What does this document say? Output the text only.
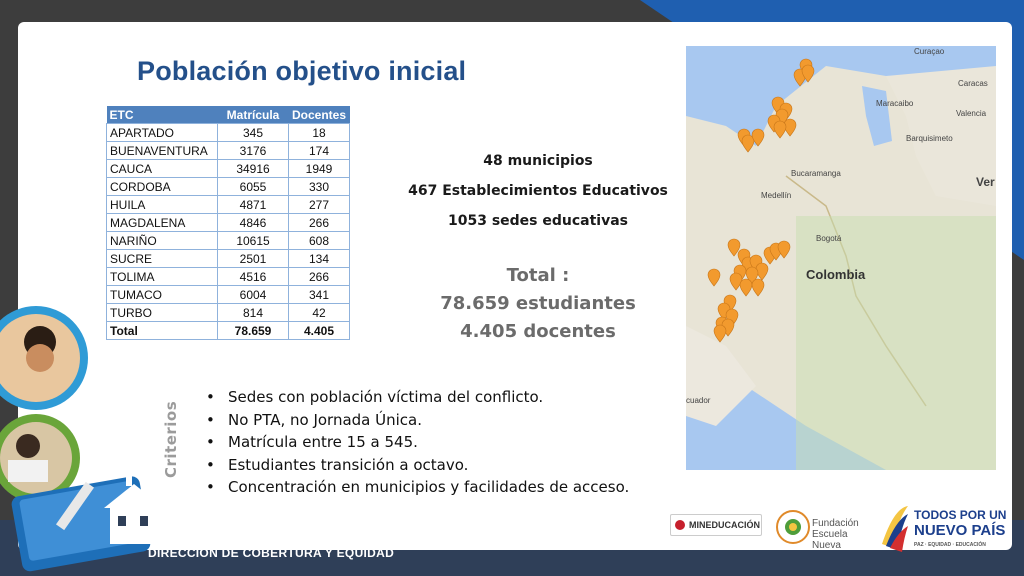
Población objetivo inicial
ETC	Matrícula	Docentes
APARTADO	345	18
BUENAVENTURA	3176	174
CAUCA	34916	1949
CORDOBA	6055	330
HUILA	4871	277
MAGDALENA	4846	266
NARIÑO	10615	608
SUCRE	2501	134
TOLIMA	4516	266
TUMACO	6004	341
TURBO	814	42
Total	78.659	4.405
48 municipios
467 Establecimientos Educativos
1053 sedes educativas
Total :
78.659 estudiantes
4.405 docentes
Criterios
• Sedes con población víctima del conflicto.
• No PTA, no Jornada Única.
• Matrícula entre 15 a 545.
• Estudiantes transición a octavo.
• Concentración en municipios y facilidades de acceso.
DIRECCIÓN DE COBERTURA Y EQUIDAD
Curaçao
Caracas
Valencia
Maracaibo
Barquisimeto
Bucaramanga
Medellín
Bogotá
Colombia
cuador
Ver
MINEDUCACIÓN	Fundación
Escuela Nueva
TODOS POR UN
NUEVO PAÍS
PAZ · EQUIDAD · EDUCACIÓN
